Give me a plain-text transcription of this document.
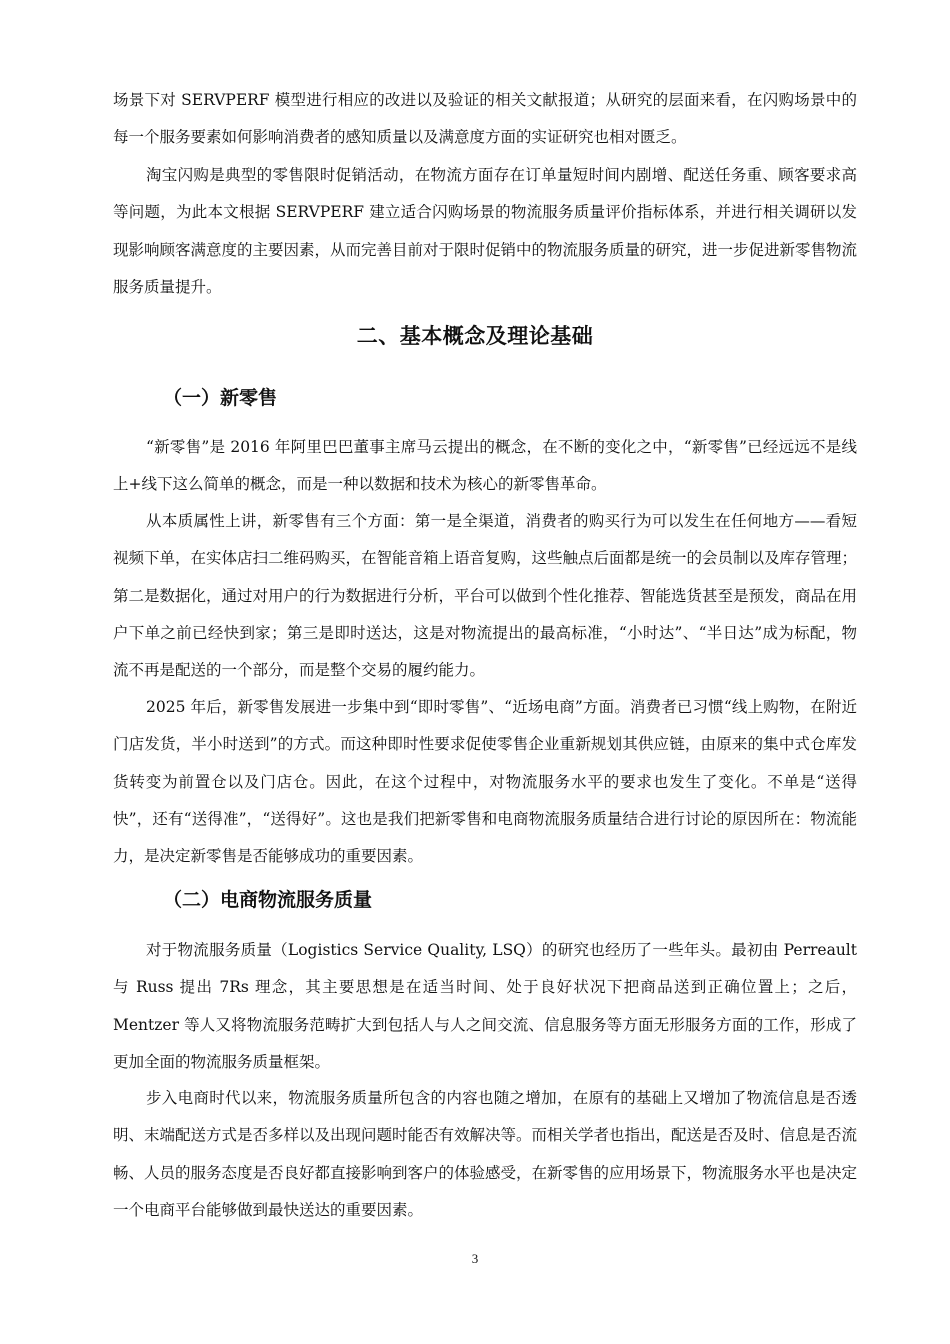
场景下对 SERVPERF 模型进行相应的改进以及验证的相关文献报道；从研究的层面来看，在闪购场景中的每一个服务要素如何影响消费者的感知质量以及满意度方面的实证研究也相对匮乏。

淘宝闪购是典型的零售限时促销活动，在物流方面存在订单量短时间内剧增、配送任务重、顾客要求高等问题，为此本文根据 SERVPERF 建立适合闪购场景的物流服务质量评价指标体系，并进行相关调研以发现影响顾客满意度的主要因素，从而完善目前对于限时促销中的物流服务质量的研究，进一步促进新零售物流服务质量提升。

二、基本概念及理论基础
（一）新零售

“新零售”是 2016 年阿里巴巴董事主席马云提出的概念，在不断的变化之中，“新零售”已经远远不是线上+线下这么简单的概念，而是一种以数据和技术为核心的新零售革命。

从本质属性上讲，新零售有三个方面：第一是全渠道，消费者的购买行为可以发生在任何地方——看短视频下单，在实体店扫二维码购买，在智能音箱上语音复购，这些触点后面都是统一的会员制以及库存管理；第二是数据化，通过对用户的行为数据进行分析，平台可以做到个性化推荐、智能选货甚至是预发，商品在用户下单之前已经快到家；第三是即时送达，这是对物流提出的最高标准，“小时达”、“半日达”成为标配，物流不再是配送的一个部分，而是整个交易的履约能力。

2025 年后，新零售发展进一步集中到“即时零售”、“近场电商”方面。消费者已习惯“线上购物，在附近门店发货，半小时送到”的方式。而这种即时性要求促使零售企业重新规划其供应链，由原来的集中式仓库发货转变为前置仓以及门店仓。因此，在这个过程中，对物流服务水平的要求也发生了变化。不单是“送得快”，还有“送得准”，“送得好”。这也是我们把新零售和电商物流服务质量结合进行讨论的原因所在：物流能力，是决定新零售是否能够成功的重要因素。

（二）电商物流服务质量

对于物流服务质量（Logistics Service Quality, LSQ）的研究也经历了一些年头。最初由 Perreault 与 Russ 提出 7Rs 理念，其主要思想是在适当时间、处于良好状况下把商品送到正确位置上；之后，Mentzer 等人又将物流服务范畴扩大到包括人与人之间交流、信息服务等方面无形服务方面的工作，形成了更加全面的物流服务质量框架。

步入电商时代以来，物流服务质量所包含的内容也随之增加，在原有的基础上又增加了物流信息是否透明、末端配送方式是否多样以及出现问题时能否有效解决等。而相关学者也指出，配送是否及时、信息是否流畅、人员的服务态度是否良好都直接影响到客户的体验感受，在新零售的应用场景下，物流服务水平也是决定一个电商平台能够做到最快送达的重要因素。

3
